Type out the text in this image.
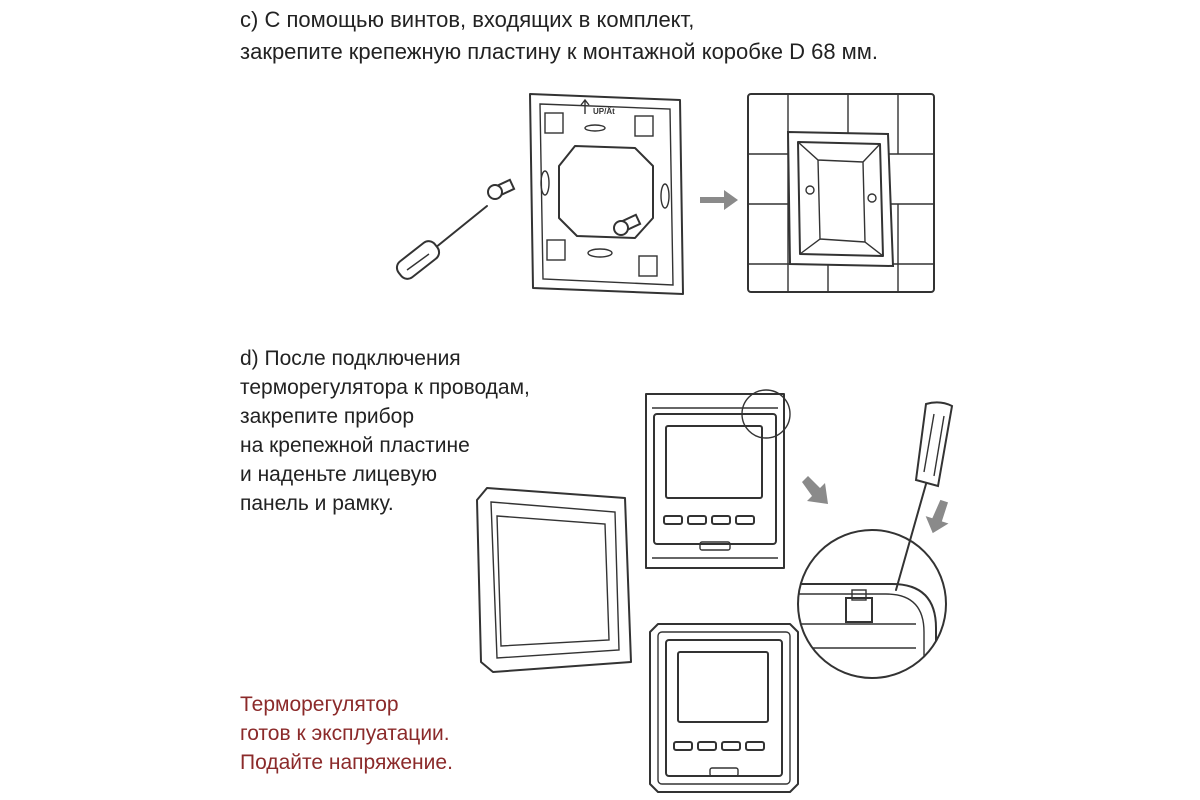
c) С помощью винтов, входящих в комплект,
закрепите крепежную пластину к монтажной коробке D 68 мм.
UP/Ät
d) После подключения
терморегулятора к проводам,
закрепите прибор
на крепежной пластине
и наденьте лицевую
панель и рамку.
Терморегулятор
готов к эксплуатации.
Подайте напряжение.
